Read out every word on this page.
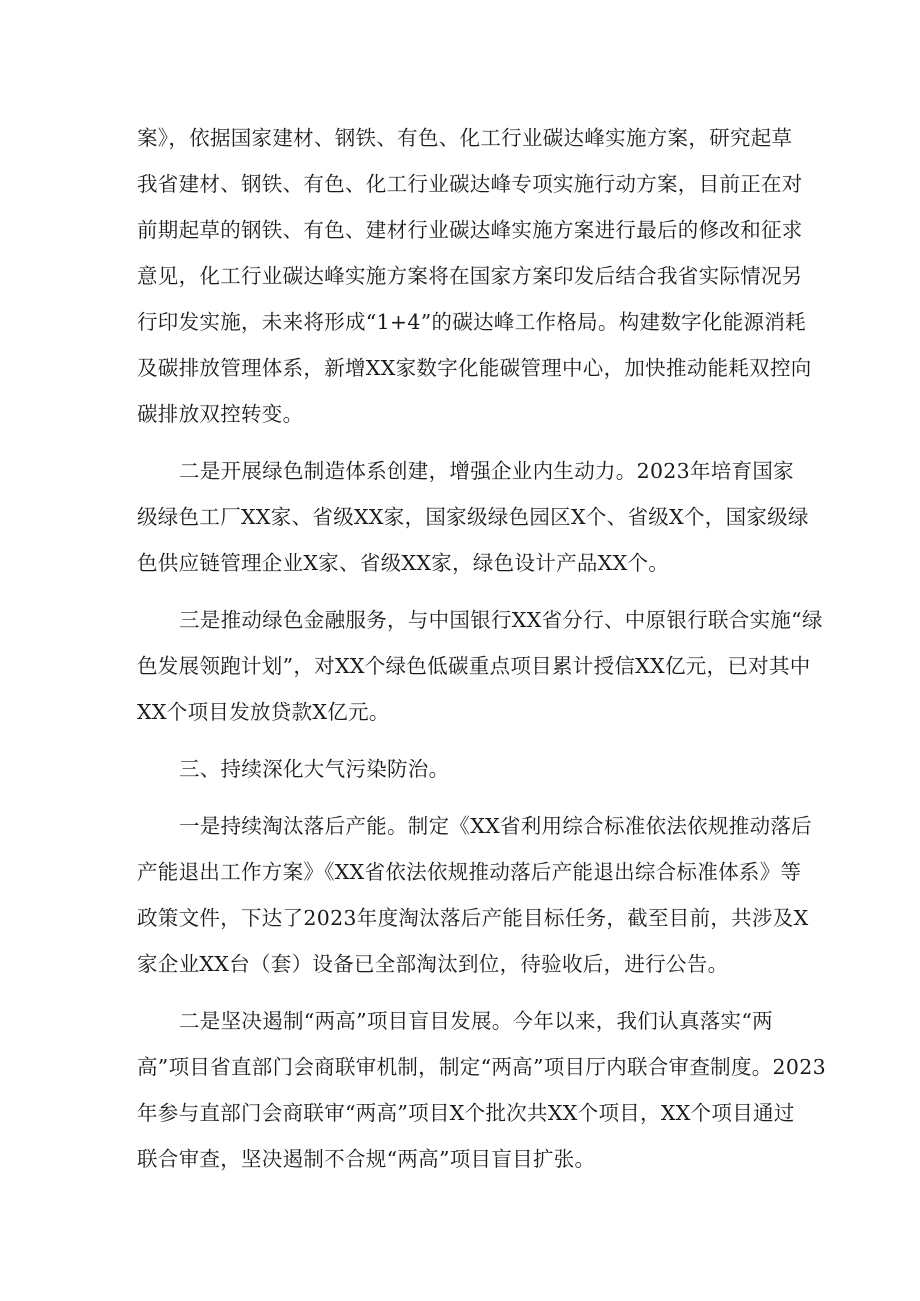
案》，依据国家建材、钢铁、有色、化工行业碳达峰实施方案，研究起草
我省建材、钢铁、有色、化工行业碳达峰专项实施行动方案，目前正在对
前期起草的钢铁、有色、建材行业碳达峰实施方案进行最后的修改和征求
意见，化工行业碳达峰实施方案将在国家方案印发后结合我省实际情况另
行印发实施，未来将形成“1+4”的碳达峰工作格局。构建数字化能源消耗
及碳排放管理体系，新增XX家数字化能碳管理中心，加快推动能耗双控向
碳排放双控转变。
二是开展绿色制造体系创建，增强企业内生动力。2023年培育国家
级绿色工厂XX家、省级XX家，国家级绿色园区X个、省级X个，国家级绿
色供应链管理企业X家、省级XX家，绿色设计产品XX个。
三是推动绿色金融服务，与中国银行XX省分行、中原银行联合实施“绿
色发展领跑计划”，对XX个绿色低碳重点项目累计授信XX亿元，已对其中
XX个项目发放贷款X亿元。
三、持续深化大气污染防治。
一是持续淘汰落后产能。制定《XX省利用综合标准依法依规推动落后
产能退出工作方案》《XX省依法依规推动落后产能退出综合标准体系》等
政策文件，下达了2023年度淘汰落后产能目标任务，截至目前，共涉及X
家企业XX台（套）设备已全部淘汰到位，待验收后，进行公告。
二是坚决遏制“两高”项目盲目发展。今年以来，我们认真落实“两
高”项目省直部门会商联审机制，制定“两高”项目厅内联合审查制度。2023
年参与直部门会商联审“两高”项目X个批次共XX个项目，XX个项目通过
联合审查，坚决遏制不合规“两高”项目盲目扩张。
